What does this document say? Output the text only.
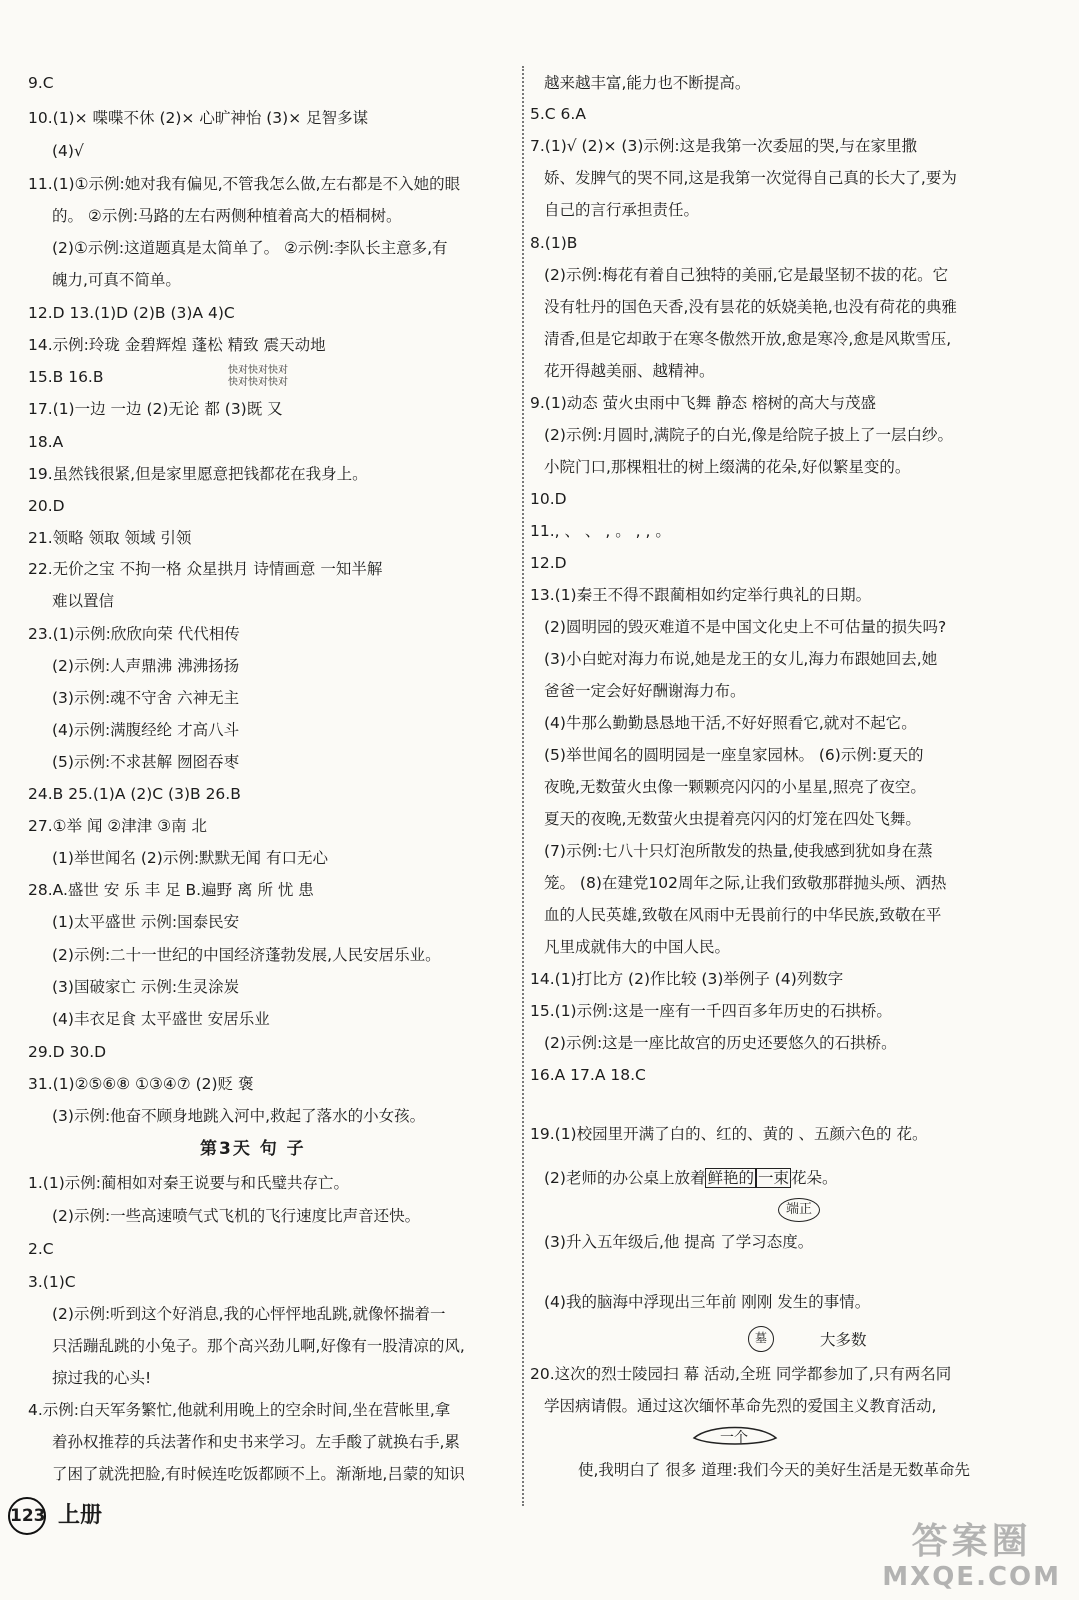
9.C
10.(1)× 喋喋不休 (2)× 心旷神怡 (3)× 足智多谋
(4)√
11.(1)①示例:她对我有偏见,不管我怎么做,左右都是不入她的眼
的。 ②示例:马路的左右两侧种植着高大的梧桐树。
(2)①示例:这道题真是太简单了。 ②示例:李队长主意多,有
魄力,可真不简单。
12.D 13.(1)D (2)B (3)A 4)C
14.示例:玲珑 金碧辉煌 蓬松 精致 震天动地
15.B 16.B	快对快对快对
快对快对快对
17.(1)一边 一边 (2)无论 都 (3)既 又
18.A
19.虽然钱很紧,但是家里愿意把钱都花在我身上。
20.D
21.领略 领取 领域 引领
22.无价之宝 不拘一格 众星拱月 诗情画意 一知半解
难以置信
23.(1)示例:欣欣向荣 代代相传
(2)示例:人声鼎沸 沸沸扬扬
(3)示例:魂不守舍 六神无主
(4)示例:满腹经纶 才高八斗
(5)示例:不求甚解 囫囵吞枣
24.B 25.(1)A (2)C (3)B 26.B
27.①举 闻 ②津津 ③南 北
(1)举世闻名 (2)示例:默默无闻 有口无心
28.A.盛世 安 乐 丰 足 B.遍野 离 所 忧 患
(1)太平盛世 示例:国泰民安
(2)示例:二十一世纪的中国经济蓬勃发展,人民安居乐业。
(3)国破家亡 示例:生灵涂炭
(4)丰衣足食 太平盛世 安居乐业
29.D 30.D
31.(1)②⑤⑥⑧ ①③④⑦ (2)贬 褒
(3)示例:他奋不顾身地跳入河中,救起了落水的小女孩。
第3天 句 子
1.(1)示例:蔺相如对秦王说要与和氏璧共存亡。
(2)示例:一些高速喷气式飞机的飞行速度比声音还快。
2.C
3.(1)C
(2)示例:听到这个好消息,我的心怦怦地乱跳,就像怀揣着一
只活蹦乱跳的小兔子。那个高兴劲儿啊,好像有一股清凉的风,
掠过我的心头!
4.示例:白天军务繁忙,他就利用晚上的空余时间,坐在营帐里,拿
着孙权推荐的兵法著作和史书来学习。左手酸了就换右手,累
了困了就洗把脸,有时候连吃饭都顾不上。渐渐地,吕蒙的知识
越来越丰富,能力也不断提高。
5.C 6.A
7.(1)√ (2)× (3)示例:这是我第一次委屈的哭,与在家里撒
娇、发脾气的哭不同,这是我第一次觉得自己真的长大了,要为
自己的言行承担责任。
8.(1)B
(2)示例:梅花有着自己独特的美丽,它是最坚韧不拔的花。它
没有牡丹的国色天香,没有昙花的妖娆美艳,也没有荷花的典雅
清香,但是它却敢于在寒冬傲然开放,愈是寒冷,愈是风欺雪压,
花开得越美丽、越精神。
9.(1)动态 萤火虫雨中飞舞 静态 榕树的高大与茂盛
(2)示例:月圆时,满院子的白光,像是给院子披上了一层白纱。
小院门口,那棵粗壮的树上缀满的花朵,好似繁星变的。
10.D
11., 、 、 , 。 , , 。
12.D
13.(1)秦王不得不跟蔺相如约定举行典礼的日期。
(2)圆明园的毁灭难道不是中国文化史上不可估量的损失吗?
(3)小白蛇对海力布说,她是龙王的女儿,海力布跟她回去,她
爸爸一定会好好酬谢海力布。
(4)牛那么勤勤恳恳地干活,不好好照看它,就对不起它。
(5)举世闻名的圆明园是一座皇家园林。 (6)示例:夏天的
夜晚,无数萤火虫像一颗颗亮闪闪的小星星,照亮了夜空。
夏天的夜晚,无数萤火虫提着亮闪闪的灯笼在四处飞舞。
(7)示例:七八十只灯泡所散发的热量,使我感到犹如身在蒸
笼。 (8)在建党102周年之际,让我们致敬那群抛头颅、洒热
血的人民英雄,致敬在风雨中无畏前行的中华民族,致敬在平
凡里成就伟大的中国人民。
14.(1)打比方 (2)作比较 (3)举例子 (4)列数字
15.(1)示例:这是一座有一千四百多年历史的石拱桥。
(2)示例:这是一座比故宫的历史还要悠久的石拱桥。
16.A 17.A 18.C
19.(1)校园里开满了白的、红的、黄的 、五颜六色的 花。
(2)老师的办公桌上放着 鲜艳的 一束 花朵。
端正
(3)升入五年级后,他 提高 了学习态度。
(4)我的脑海中浮现出三年前 刚刚 发生的事情。
墓	大多数
20.这次的烈士陵园扫 幕 活动,全班 同学都参加了,只有两名同
学因病请假。通过这次缅怀革命先烈的爱国主义教育活动,
一个
使,我明白了 很多 道理:我们今天的美好生活是无数革命先
123 上册
答案圈
MXQE.COM
